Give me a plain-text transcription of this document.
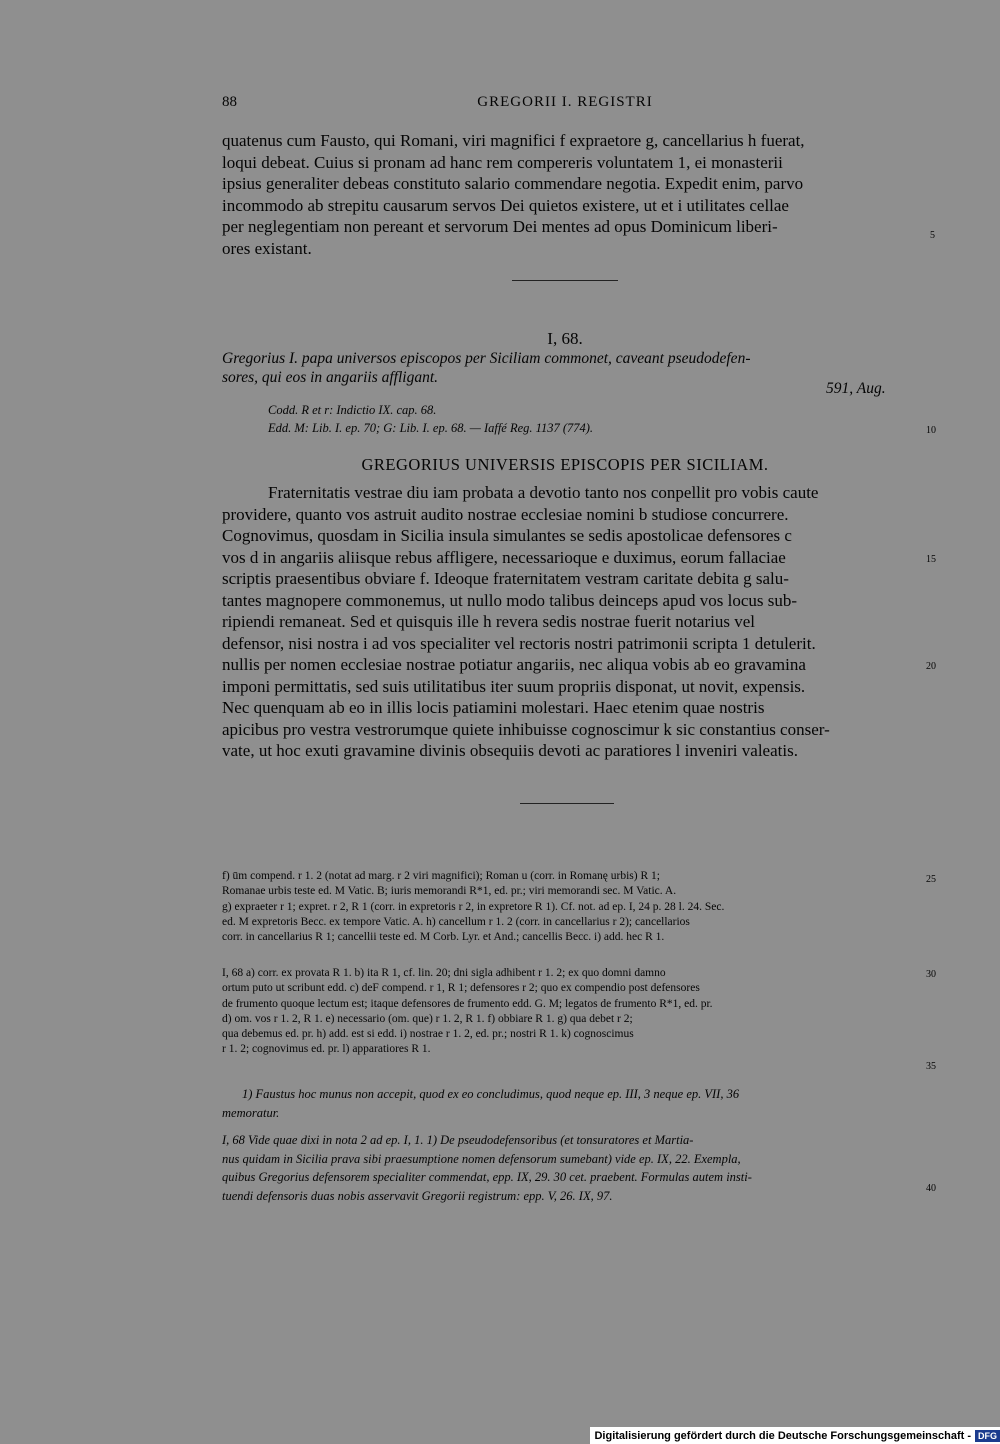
88	GREGORII I. REGISTRI

quatenus cum Fausto, qui Romani, viri magnifici f expraetore g, cancellarius h fuerat,

loqui debeat. Cuius si pronam ad hanc rem compereris voluntatem 1, ei monasterii

ipsius generaliter debeas constituto salario commendare negotia. Expedit enim, parvo

incommodo ab strepitu causarum servos Dei quietos existere, ut et i utilitates cellae

per neglegentiam non pereant et servorum Dei mentes ad opus Dominicum liberi-

ores existant.

5
10
15
20
25
30
35
40
I, 68.

Gregorius I. papa universos episcopos per Siciliam commonet, caveant pseudodefen-

sores, qui eos in angariis affligant.

591, Aug.
Codd. R et r: Indictio IX. cap. 68.
Edd. M: Lib. I. ep. 70; G: Lib. I. ep. 68. — Iaffé Reg. 1137 (774).
GREGORIUS UNIVERSIS EPISCOPIS PER SICILIAM.

Fraternitatis vestrae diu iam probata a devotio tanto nos conpellit pro vobis caute

providere, quanto vos astruit audito nostrae ecclesiae nomini b studiose concurrere.

Cognovimus, quosdam in Sicilia insula simulantes se sedis apostolicae defensores c

vos d in angariis aliisque rebus affligere, necessarioque e duximus, eorum fallaciae

scriptis praesentibus obviare f. Ideoque fraternitatem vestram caritate debita g salu-

tantes magnopere commonemus, ut nullo modo talibus deinceps apud vos locus sub-

ripiendi remaneat. Sed et quisquis ille h revera sedis nostrae fuerit notarius vel

defensor, nisi nostra i ad vos specialiter vel rectoris nostri patrimonii scripta 1 detulerit.

nullis per nomen ecclesiae nostrae potiatur angariis, nec aliqua vobis ab eo gravamina

imponi permittatis, sed suis utilitatibus iter suum propriis disponat, ut novit, expensis.

Nec quenquam ab eo in illis locis patiamini molestari. Haec etenim quae nostris

apicibus pro vestra vestrorumque quiete inhibuisse cognoscimur k sic constantius conser-

vate, ut hoc exuti gravamine divinis obsequiis devoti ac paratiores l inveniri valeatis.

f) ūm compend. r 1. 2 (notat ad marg. r 2 viri magnifici); Roman u (corr. in Romanę urbis) R 1;

Romanae urbis teste ed. M Vatic. B; iuris memorandi R*1, ed. pr.; viri memorandi sec. M Vatic. A.

g) expraeter r 1; expret. r 2, R 1 (corr. in expretoris r 2, in expretore R 1). Cf. not. ad ep. I, 24 p. 28 l. 24. Sec.

ed. M expretoris Becc. ex tempore Vatic. A. h) cancellum r 1. 2 (corr. in cancellarius r 2); cancellarios

corr. in cancellarius R 1; cancellii teste ed. M Corb. Lyr. et And.; cancellis Becc. i) add. hec R 1.

I, 68 a) corr. ex provata R 1. b) ita R 1, cf. lin. 20; dni sigla adhibent r 1. 2; ex quo domni damno

ortum puto ut scribunt edd. c) deF compend. r 1, R 1; defensores r 2; quo ex compendio post defensores

de frumento quoque lectum est; itaque defensores de frumento edd. G. M; legatos de frumento R*1, ed. pr.

d) om. vos r 1. 2, R 1. e) necessario (om. que) r 1. 2, R 1. f) obbiare R 1. g) qua debet r 2;

qua debemus ed. pr. h) add. est si edd. i) nostrae r 1. 2, ed. pr.; nostri R 1. k) cognoscimus

r 1. 2; cognovimus ed. pr. l) apparatiores R 1.

1) Faustus hoc munus non accepit, quod ex eo concludimus, quod neque ep. III, 3 neque ep. VII, 36

memoratur.

I, 68 Vide quae dixi in nota 2 ad ep. I, 1. 1) De pseudodefensoribus (et tonsuratores et Martia-

nus quidam in Sicilia prava sibi praesumptione nomen defensorum sumebant) vide ep. IX, 22. Exempla,

quibus Gregorius defensorem specialiter commendat, epp. IX, 29. 30 cet. praebent. Formulas autem insti-

tuendi defensoris duas nobis asservavit Gregorii registrum: epp. V, 26. IX, 97.

Digitalisierung gefördert durch die Deutsche Forschungsgemeinschaft - DFG
